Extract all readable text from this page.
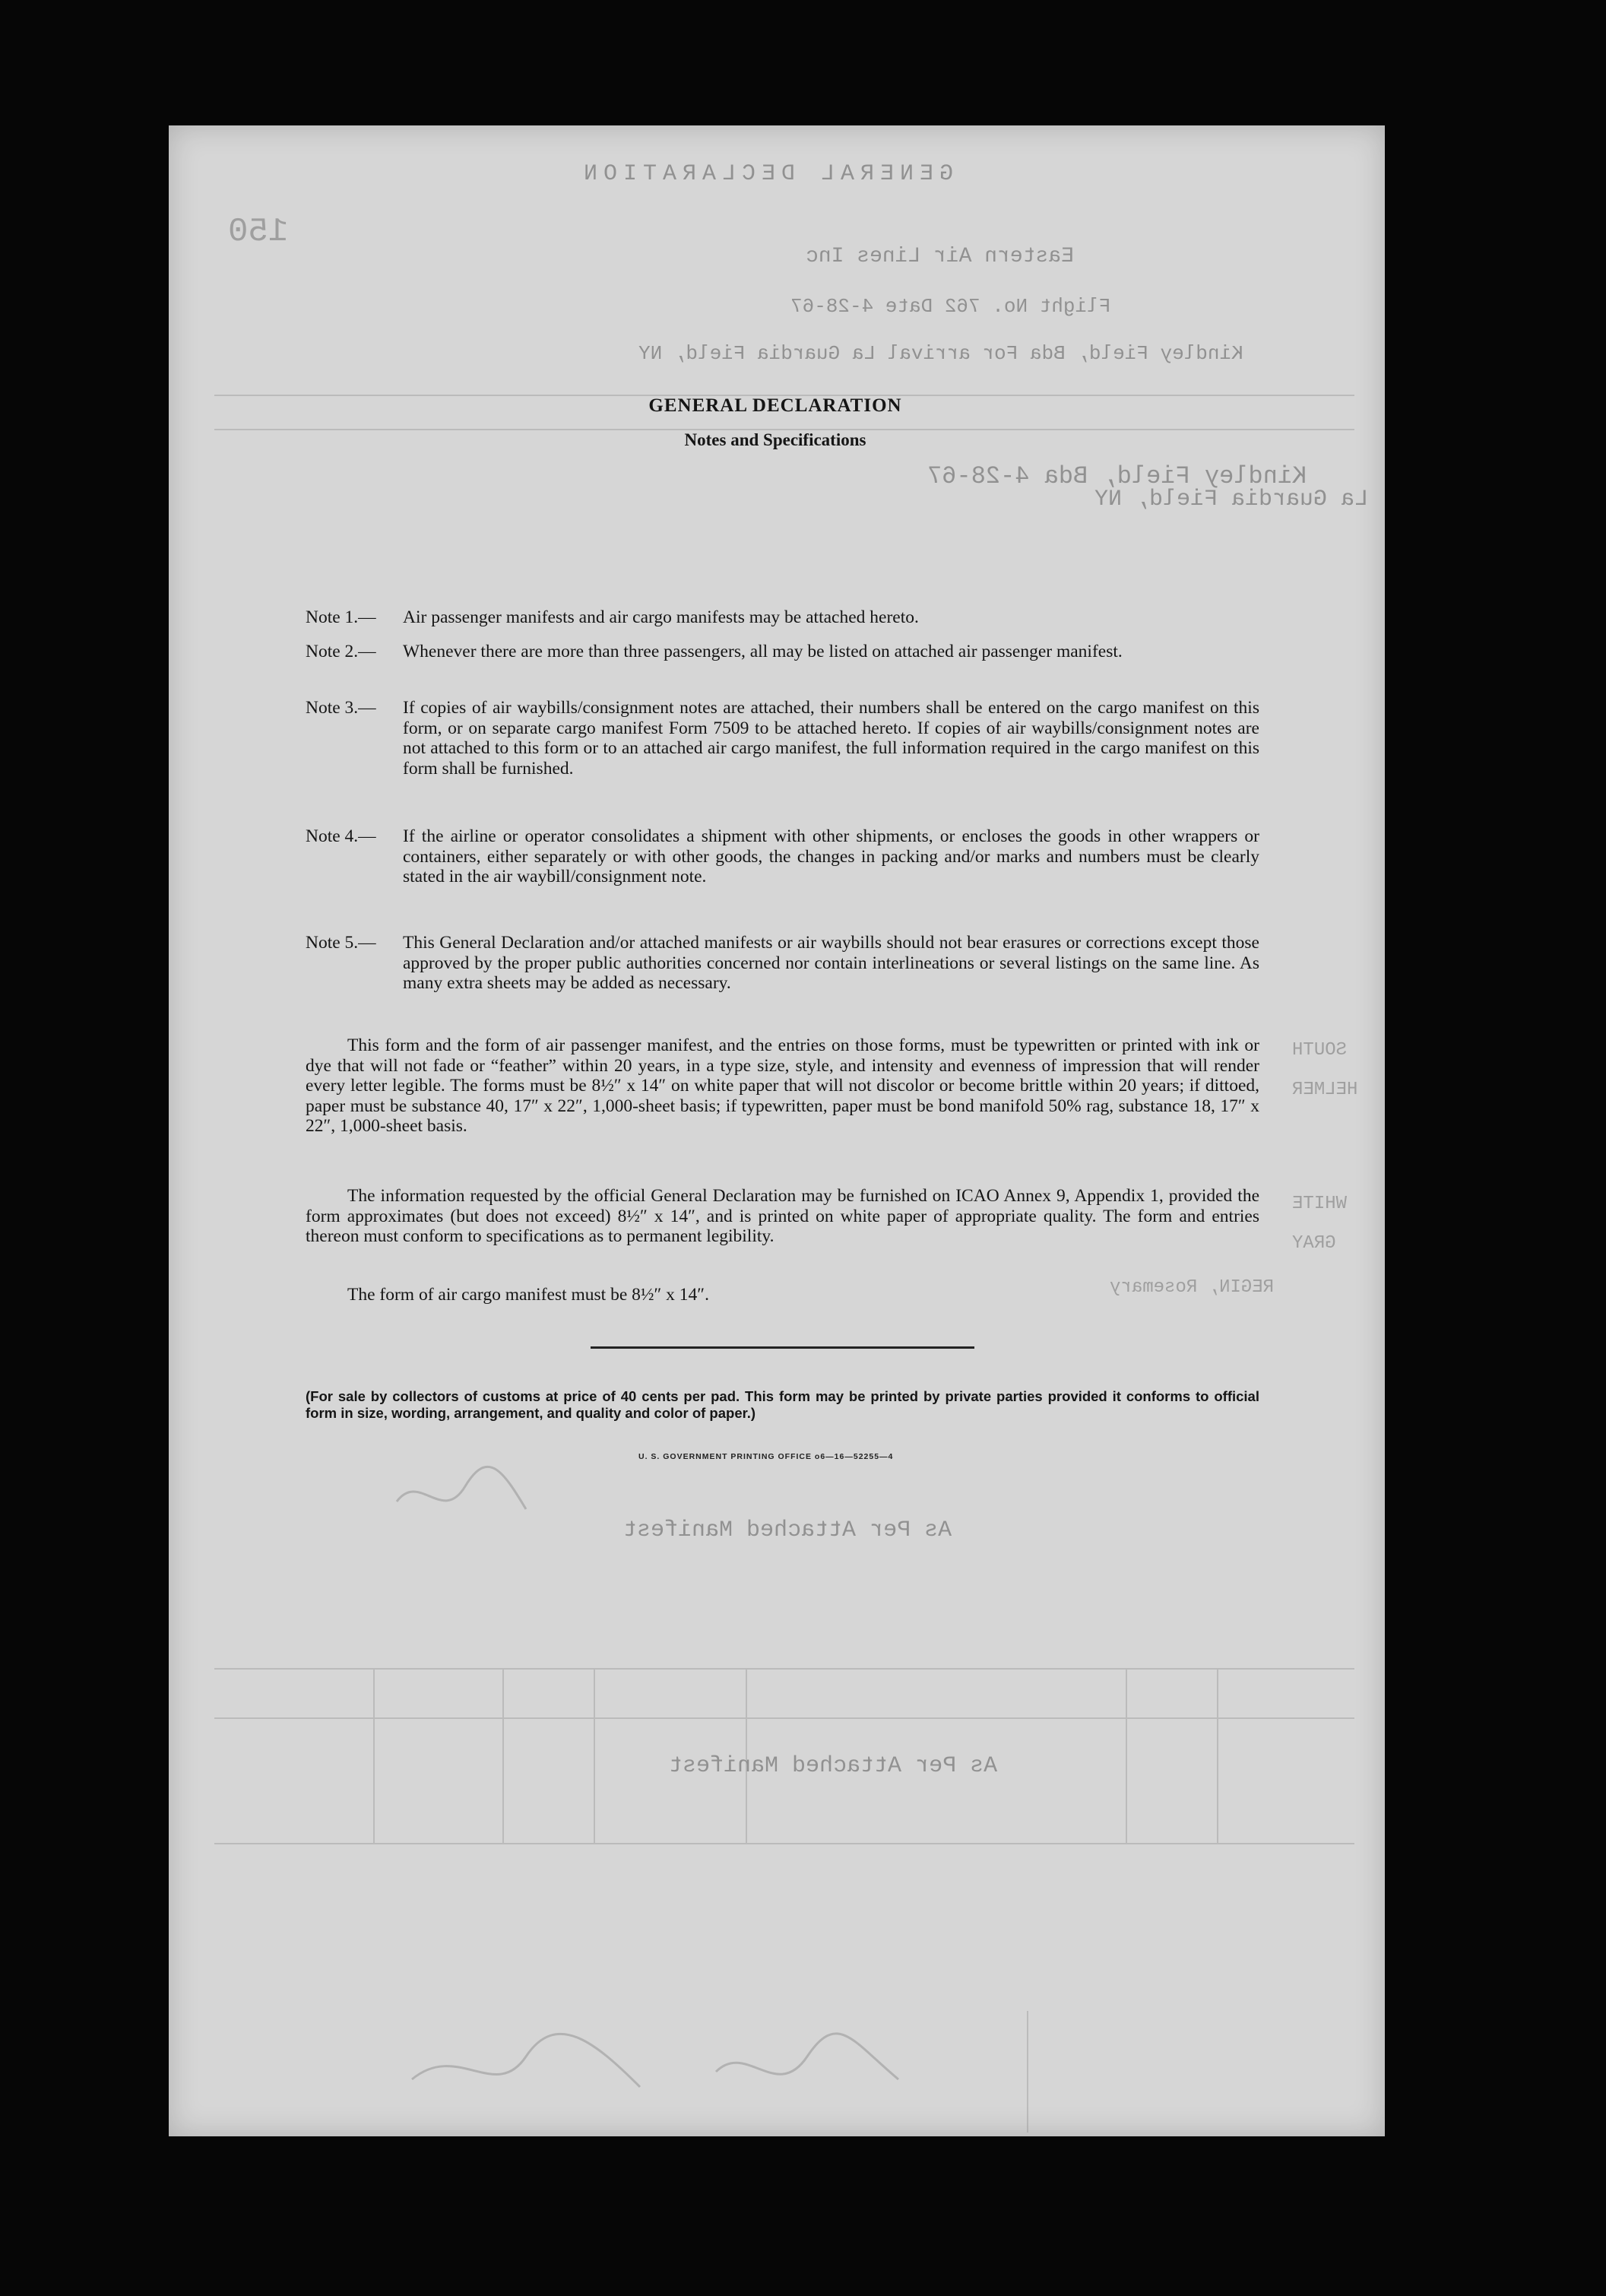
GENERAL DECLARATION
150
Eastern Air Lines Inc
Flight No. 762 Date 4-28-67
Kindley Field, Bda For arrival La Guardia Field, NY
Kindley Field, Bda 4-28-67
La Guardia Field, NY
As Per Attached Manifest
As Per Attached Manifest
SOUTH
HELMER
WHITE
GRAY
REGIN, Rosemary
GENERAL DECLARATION
Notes and Specifications
Note 1.— Air passenger manifests and air cargo manifests may be attached hereto.
Note 2.— Whenever there are more than three passengers, all may be listed on attached air passenger manifest.
Note 3.— If copies of air waybills/consignment notes are attached, their numbers shall be entered on the cargo manifest on this form, or on separate cargo manifest Form 7509 to be attached hereto. If copies of air waybills/consignment notes are not attached to this form or to an attached air cargo manifest, the full information required in the cargo manifest on this form shall be furnished.
Note 4.— If the airline or operator consolidates a shipment with other shipments, or encloses the goods in other wrappers or containers, either separately or with other goods, the changes in packing and/or marks and numbers must be clearly stated in the air waybill/consignment note.
Note 5.— This General Declaration and/or attached manifests or air waybills should not bear erasures or corrections except those approved by the proper public authorities concerned nor contain interlineations or several listings on the same line. As many extra sheets may be added as necessary.
This form and the form of air passenger manifest, and the entries on those forms, must be typewritten or printed with ink or dye that will not fade or “feather” within 20 years, in a type size, style, and intensity and evenness of impression that will render every letter legible. The forms must be 8½″ x 14″ on white paper that will not discolor or become brittle within 20 years; if dittoed, paper must be substance 40, 17″ x 22″, 1,000-sheet basis; if typewritten, paper must be bond manifold 50% rag, substance 18, 17″ x 22″, 1,000-sheet basis.
The information requested by the official General Declaration may be furnished on ICAO Annex 9, Appendix 1, provided the form approximates (but does not exceed) 8½″ x 14″, and is printed on white paper of appropriate quality. The form and entries thereon must conform to specifications as to permanent legibility.
The form of air cargo manifest must be 8½″ x 14″.
(For sale by collectors of customs at price of 40 cents per pad. This form may be printed by private parties provided it conforms to official form in size, wording, arrangement, and quality and color of paper.)
U. S. GOVERNMENT PRINTING OFFICE o6—16—52255—4
